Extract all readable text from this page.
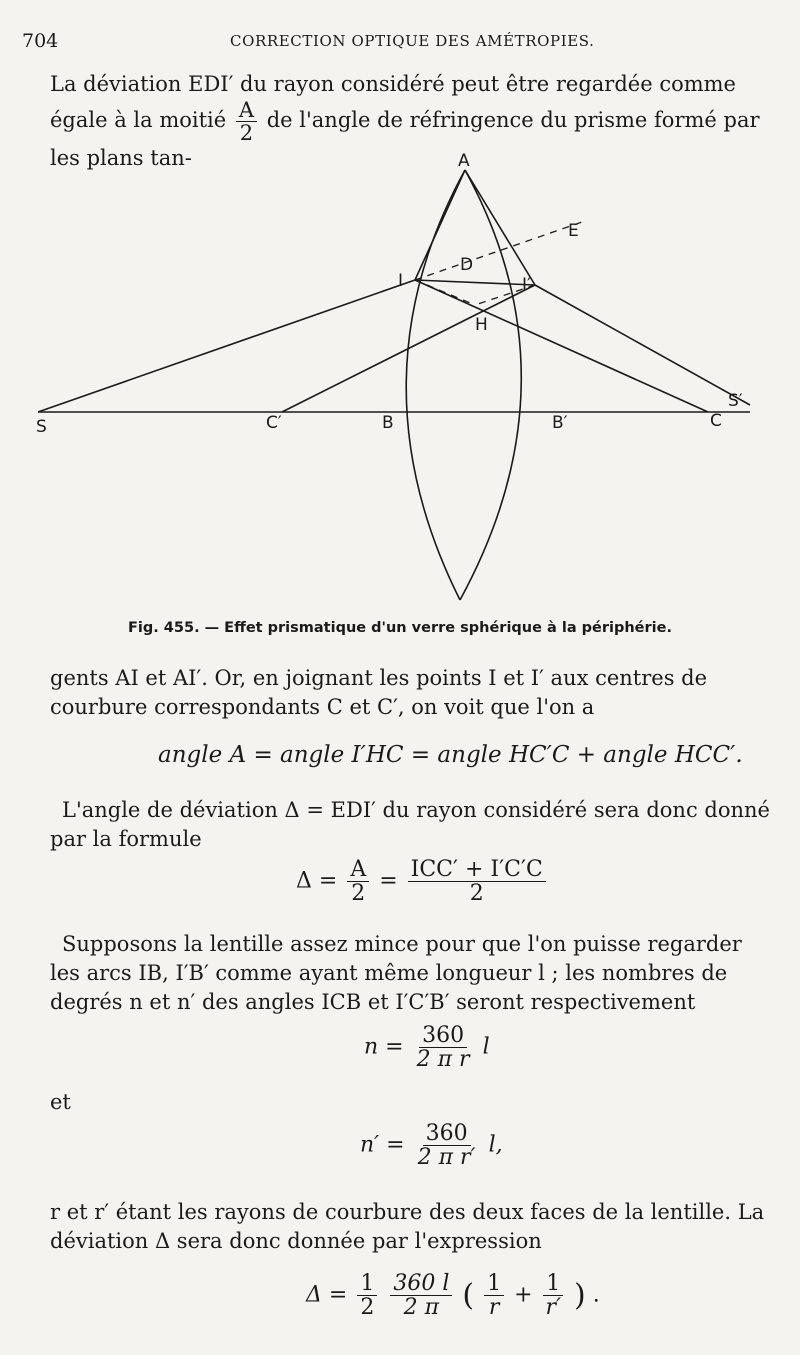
704	CORRECTION OPTIQUE DES AMÉTROPIES.

La déviation EDI′ du rayon considéré peut être regardée comme égale à la moitié $\frac{A}{2}$ de l'angle de réfringence du prisme formé par les plans tan-	A
E
D
I	I′
H
S	C′	B	B′	C
S′
Fig. 455. — Effet prismatique d'un verre sphérique à la périphérie.

gents AI et AI′. Or, en joignant les points I et I′ aux centres de courbure correspondants C et C′, on voit que l'on a

angle A = angle I′HC = angle HC′C + angle HCC′.

L'angle de déviation Δ = EDI′ du rayon considéré sera donc donné par la formule

$\Delta = \frac{A}{2} = \frac{\text{ICC′ + I′C′C}}{2}$

Supposons la lentille assez mince pour que l'on puisse regarder les arcs IB, I′B′ comme ayant même longueur l ; les nombres de degrés n et n′ des angles ICB et I′C′B′ seront respectivement

$n = \frac{360}{\text{2 π r}}$ l
et
$n' = \frac{360}{\text{2 π r′}} l$,

r et r′ étant les rayons de courbure des deux faces de la lentille. La déviation Δ sera donc donnée par l'expression

$\Delta = \frac{1}{2}$
$\frac{360 l}{2 \pi}$ ( $\frac{1}{r} + \frac{1}{r'}$ ) .
